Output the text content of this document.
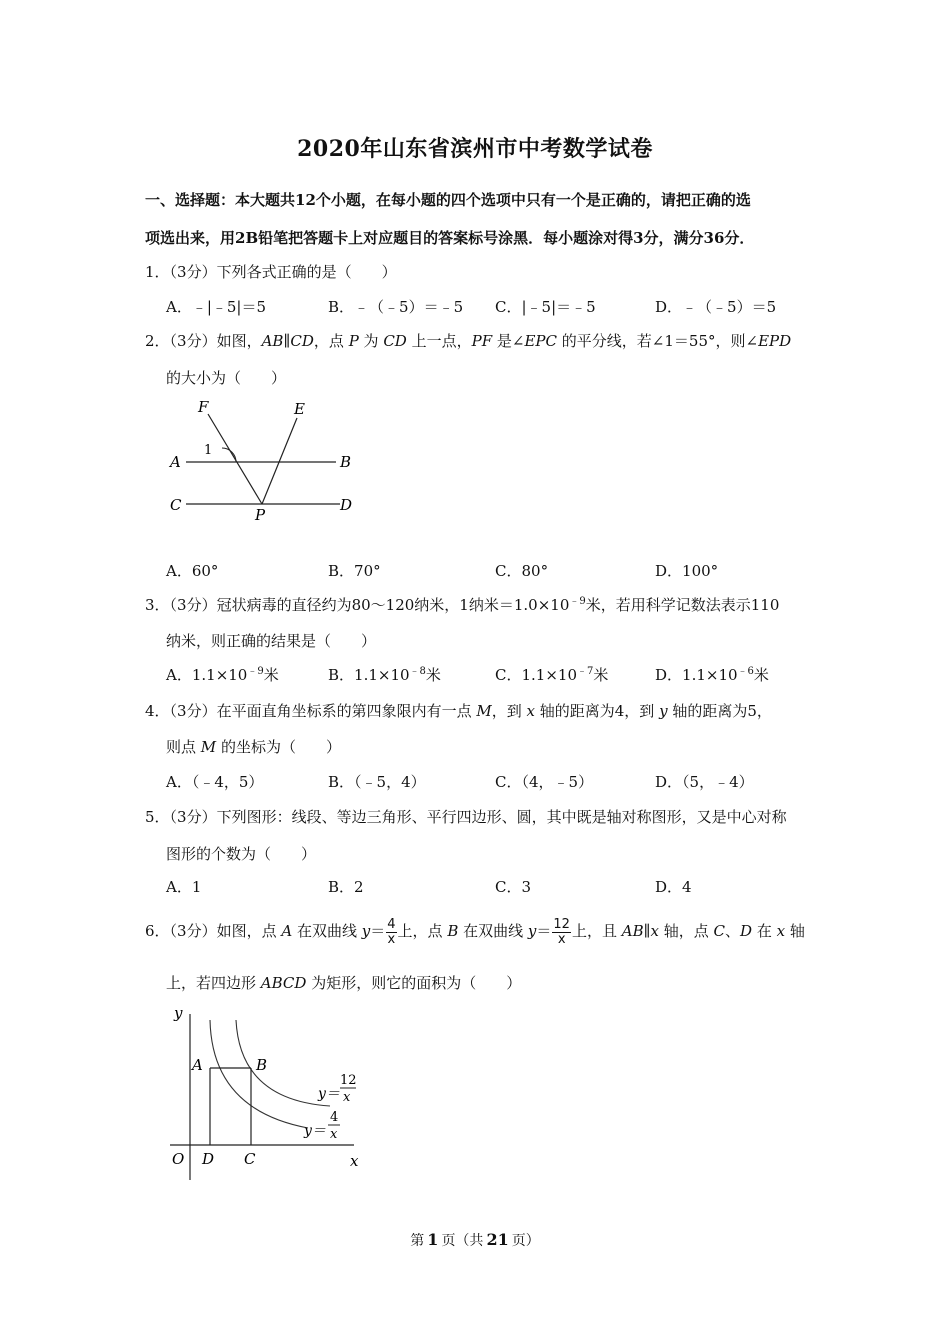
2020年山东省滨州市中考数学试卷
一、选择题：本大题共12个小题，在每小题的四个选项中只有一个是正确的，请把正确的选
项选出来，用2B铅笔把答题卡上对应题目的答案标号涂黑．每小题涂对得3分，满分36分．
1．（3分）下列各式正确的是（　　）
A．﹣|﹣5|＝5	B．﹣（﹣5）＝﹣5 C．|﹣5|＝﹣5	D．﹣（﹣5）＝5
2．（3分）如图，AB∥CD，点 P 为 CD 上一点，PF 是∠EPC 的平分线，若∠1＝55°，则∠EPD
的大小为（　　）
F	E
1
A	B
C	D
P
A．60°	B．70°	C．80°	D．100°
3．（3分）冠状病毒的直径约为80～120纳米，1纳米$=1.0\times 10^{﹣9}$米，若用科学记数法表示110
纳米，则正确的结果是（　　）
A．$1.1\times 10^{﹣9}$米	B．$1.1\times 10^{﹣8}$米	C．$1.1\times 10^{﹣7}$米	D．$1.1\times 10^{﹣6}$米
4．（3分）在平面直角坐标系的第四象限内有一点 M，到 x 轴的距离为4，到 y 轴的距离为5，
则点 M 的坐标为（　　）
A．（﹣4，5）	B．（﹣5，4）	C．（4，﹣5）	D．（5，﹣4）
5．（3分）下列图形：线段、等边三角形、平行四边形、圆，其中既是轴对称图形，又是中心对称
图形的个数为（　　）
A．1	B．2	C．3	D．4
6．（3分）如图，点 A 在双曲线 $y= \frac{4}{x}$ 上，点 B 在双曲线 $y= \frac{12}{x}$ 上，且 AB∥x 轴，点 C、D 在 x 轴
上，若四边形 ABCD 为矩形，则它的面积为（　　）
y
x
O
A	B
D C
y＝
12
x
y＝
4
x
第 1 页（共 21 页）
